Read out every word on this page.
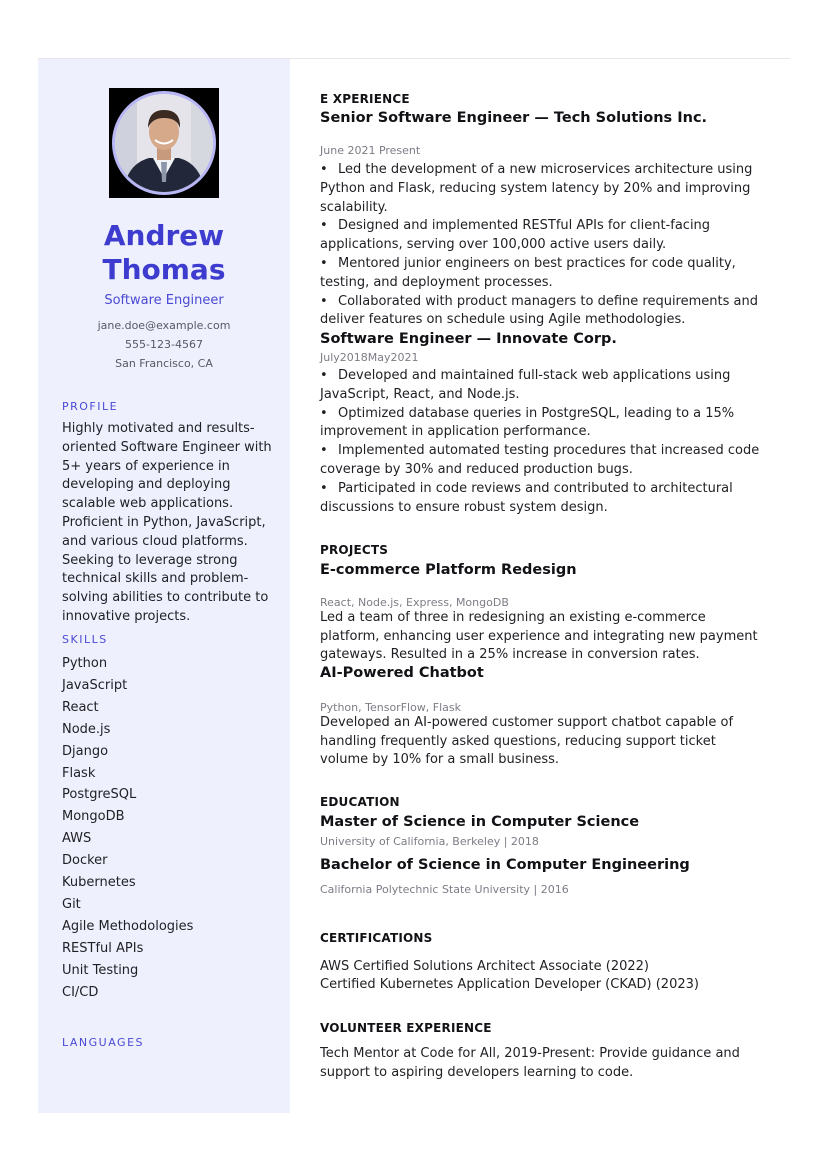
Andrew
Thomas
Software Engineer
jane.doe@example.com
555-123-4567
San Francisco, CA
PROFILE

Highly motivated and results-oriented Software Engineer with 5+ years of experience in developing and deploying scalable web applications. Proficient in Python, JavaScript, and various cloud platforms. Seeking to leverage strong technical skills and problem-solving abilities to contribute to innovative projects.

SKILLS
Python
JavaScript
React
Node.js
Django
Flask
PostgreSQL
MongoDB
AWS
Docker
Kubernetes
Git
Agile Methodologies
RESTful APIs
Unit Testing
CI/CD
LANGUAGES
E XPERIENCE
Senior Software Engineer — Tech Solutions Inc.
June 2021 Present
• Led the development of a new microservices architecture using Python and Flask, reducing system latency by 20% and improving scalability.
• Designed and implemented RESTful APIs for client-facing applications, serving over 100,000 active users daily.
• Mentored junior engineers on best practices for code quality, testing, and deployment processes.
• Collaborated with product managers to define requirements and deliver features on schedule using Agile methodologies.
Software Engineer — Innovate Corp.
July2018May2021
• Developed and maintained full-stack web applications using JavaScript, React, and Node.js.
• Optimized database queries in PostgreSQL, leading to a 15% improvement in application performance.
• Implemented automated testing procedures that increased code coverage by 30% and reduced production bugs.
• Participated in code reviews and contributed to architectural discussions to ensure robust system design.
PROJECTS
E-commerce Platform Redesign
React, Node.js, Express, MongoDB

Led a team of three in redesigning an existing e-commerce platform, enhancing user experience and integrating new payment gateways. Resulted in a 25% increase in conversion rates.

AI-Powered Chatbot
Python, TensorFlow, Flask

Developed an AI-powered customer support chatbot capable of handling frequently asked questions, reducing support ticket volume by 10% for a small business.

EDUCATION
Master of Science in Computer Science
University of California, Berkeley | 2018
Bachelor of Science in Computer Engineering
California Polytechnic State University | 2016
CERTIFICATIONS

AWS Certified Solutions Architect Associate (2022)

Certified Kubernetes Application Developer (CKAD) (2023)

VOLUNTEER EXPERIENCE

Tech Mentor at Code for All, 2019-Present: Provide guidance and support to aspiring developers learning to code.
